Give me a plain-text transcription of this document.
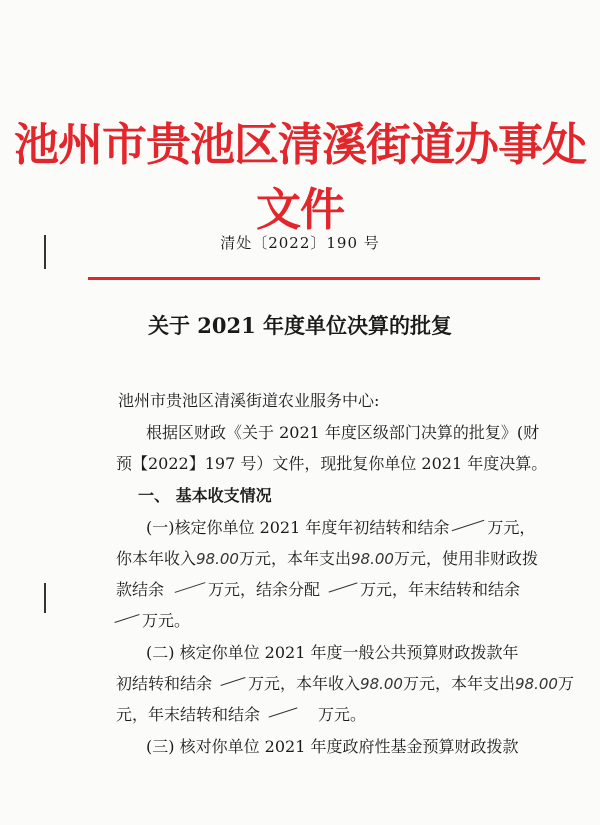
池州市贵池区清溪街道办事处文件
清处〔2022〕190 号
关于 2021 年度单位决算的批复
池州市贵池区清溪街道农业服务中心:
根据区财政《关于 2021 年度区级部门决算的批复》(财
预【2022】197 号）文件，现批复你单位 2021 年度决算。
一、 基本收支情况
(一)核定你单位 2021 年度年初结转和结余 万元，
你本年收入98.00万元，本年支出98.00万元，使用非财政拨
款结余	万元，结余分配	万元，年末结转和结余
万元。
(二) 核定你单位 2021 年度一般公共预算财政拨款年
初结转和结余 万元，本年收入98.00万元，本年支出98.00万
元，年末结转和结余	万元。
(三) 核对你单位 2021 年度政府性基金预算财政拨款
